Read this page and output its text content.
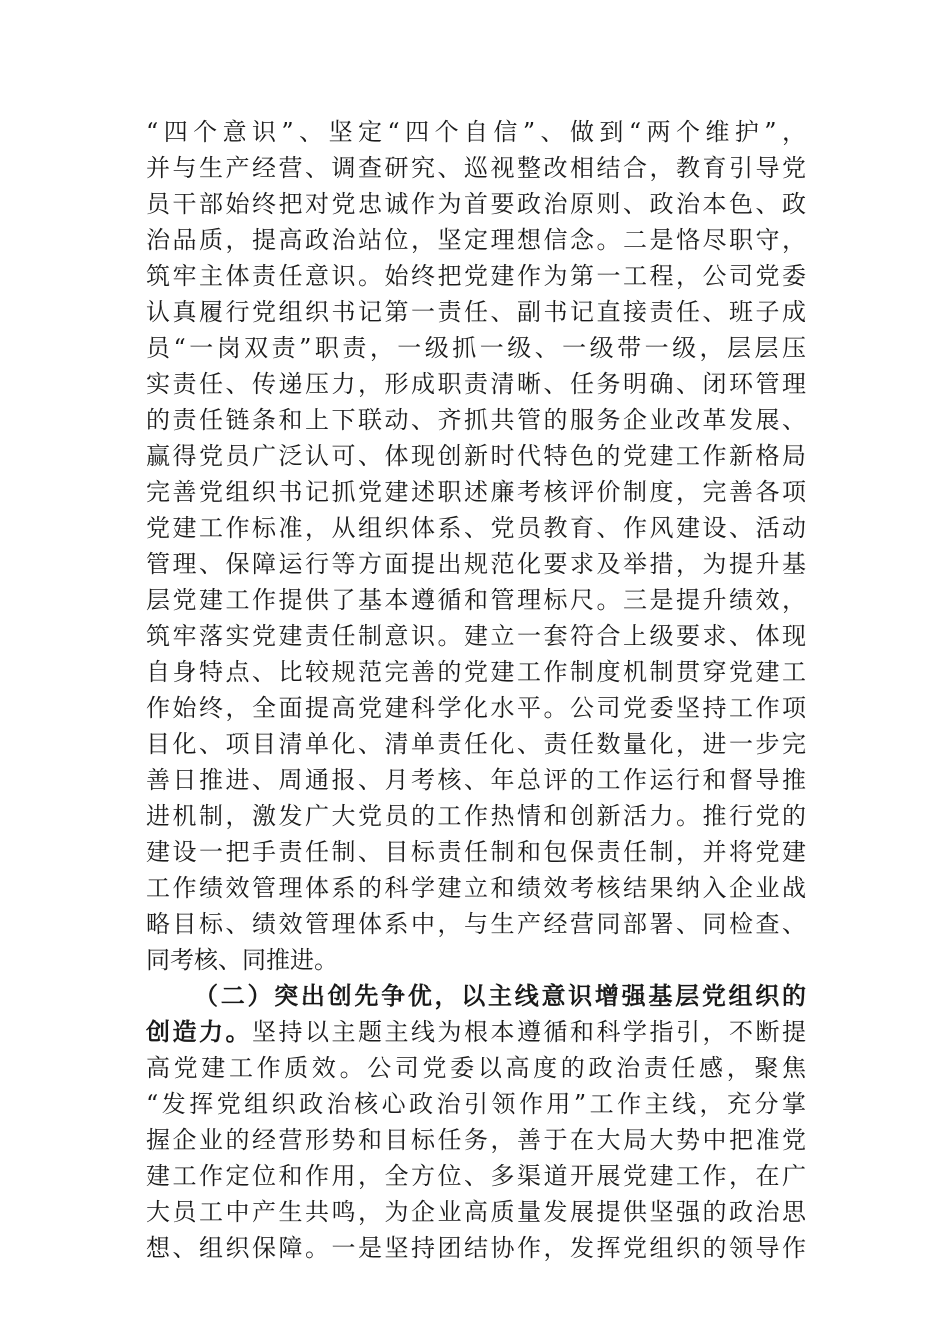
“四个意识”、坚定“四个自信”、做到“两个维护”，
并与生产经营、调查研究、巡视整改相结合，教育引导党
员干部始终把对党忠诚作为首要政治原则、政治本色、政
治品质，提高政治站位，坚定理想信念。二是恪尽职守，
筑牢主体责任意识。始终把党建作为第一工程，公司党委
认真履行党组织书记第一责任、副书记直接责任、班子成
员“一岗双责”职责，一级抓一级、一级带一级，层层压
实责任、传递压力，形成职责清晰、任务明确、闭环管理
的责任链条和上下联动、齐抓共管的服务企业改革发展、
赢得党员广泛认可、体现创新时代特色的党建工作新格局
完善党组织书记抓党建述职述廉考核评价制度，完善各项
党建工作标准，从组织体系、党员教育、作风建设、活动
管理、保障运行等方面提出规范化要求及举措，为提升基
层党建工作提供了基本遵循和管理标尺。三是提升绩效，
筑牢落实党建责任制意识。建立一套符合上级要求、体现
自身特点、比较规范完善的党建工作制度机制贯穿党建工
作始终，全面提高党建科学化水平。公司党委坚持工作项
目化、项目清单化、清单责任化、责任数量化，进一步完
善日推进、周通报、月考核、年总评的工作运行和督导推
进机制，激发广大党员的工作热情和创新活力。推行党的
建设一把手责任制、目标责任制和包保责任制，并将党建
工作绩效管理体系的科学建立和绩效考核结果纳入企业战
略目标、绩效管理体系中，与生产经营同部署、同检查、
同考核、同推进。
（二）突出创先争优，以主线意识增强基层党组织的
创造力。坚持以主题主线为根本遵循和科学指引，不断提
高党建工作质效。公司党委以高度的政治责任感，聚焦
“发挥党组织政治核心政治引领作用”工作主线，充分掌
握企业的经营形势和目标任务，善于在大局大势中把准党
建工作定位和作用，全方位、多渠道开展党建工作，在广
大员工中产生共鸣，为企业高质量发展提供坚强的政治思
想、组织保障。一是坚持团结协作，发挥党组织的领导作
